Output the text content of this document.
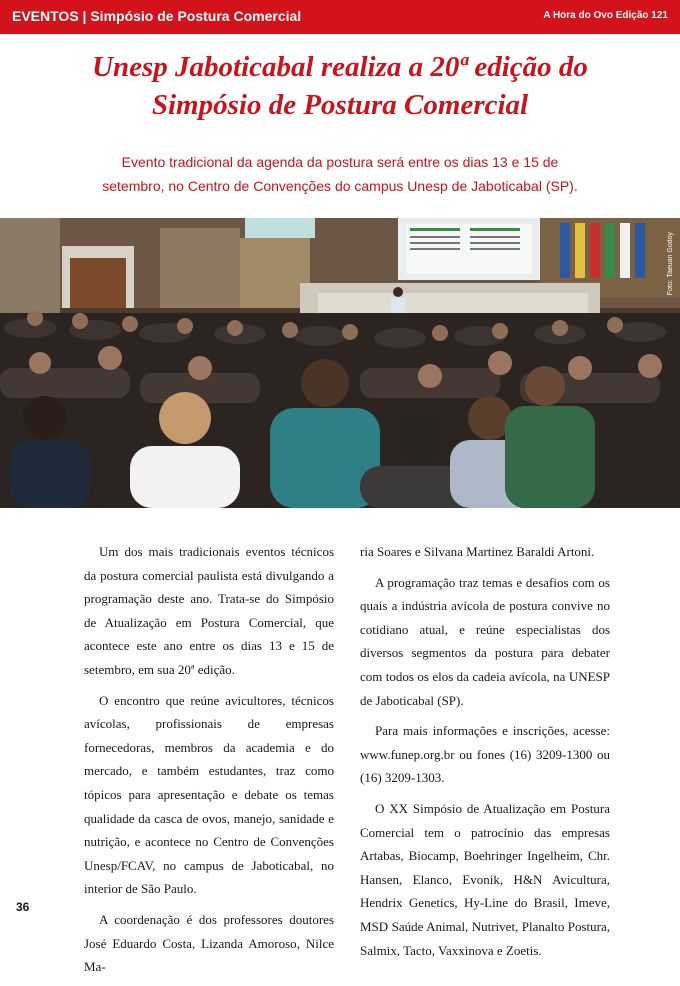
EVENTOS | Simpósio de Postura Comercial	A Hora do Ovo Edição 121
Unesp Jaboticabal realiza a 20ª edição do
Simpósio de Postura Comercial
Evento tradicional da agenda da postura será entre os dias 13 e 15 de
setembro, no Centro de Convenções do campus Unesp de Jaboticabal (SP).
Foto: Taeuan Godoy

Um dos mais tradicionais eventos técnicos da postura comercial paulista está divulgando a programação deste ano. Trata-se do Simpósio de Atualização em Postura Comercial, que acontece este ano entre os dias 13 e 15 de setembro, em sua 20ª edição.

O encontro que reúne avicultores, técnicos avícolas, profissionais de empresas fornecedoras, membros da academia e do mercado, e também estudantes, traz como tópicos para apresentação e debate os temas qualidade da casca de ovos, manejo, sanidade e nutrição, e acontece no Centro de Convenções Unesp/FCAV, no campus de Jaboticabal, no interior de São Paulo.

A coordenação é dos professores doutores José Eduardo Costa, Lizanda Amoroso, Nilce Ma-

ria Soares e Silvana Martinez Baraldi Artoni.

A programação traz temas e desafios com os quais a indústria avícola de postura convive no cotidiano atual, e reúne especialistas dos diversos segmentos da postura para debater com todos os elos da cadeia avícola, na UNESP de Jaboticabal (SP).

Para mais informações e inscrições, acesse: www.funep.org.br ou fones (16) 3209-1300 ou (16) 3209-1303.

O XX Simpósio de Atualização em Postura Comercial tem o patrocínio das empresas Artabas, Biocamp, Boehringer Ingelheim, Chr. Hansen, Elanco, Evonik, H&N Avicultura, Hendrix Genetics, Hy-Line do Brasil, Imeve, MSD Saúde Animal, Nutrivet, Planalto Postura, Salmix, Tacto, Vaxxinova e Zoetis.

36
